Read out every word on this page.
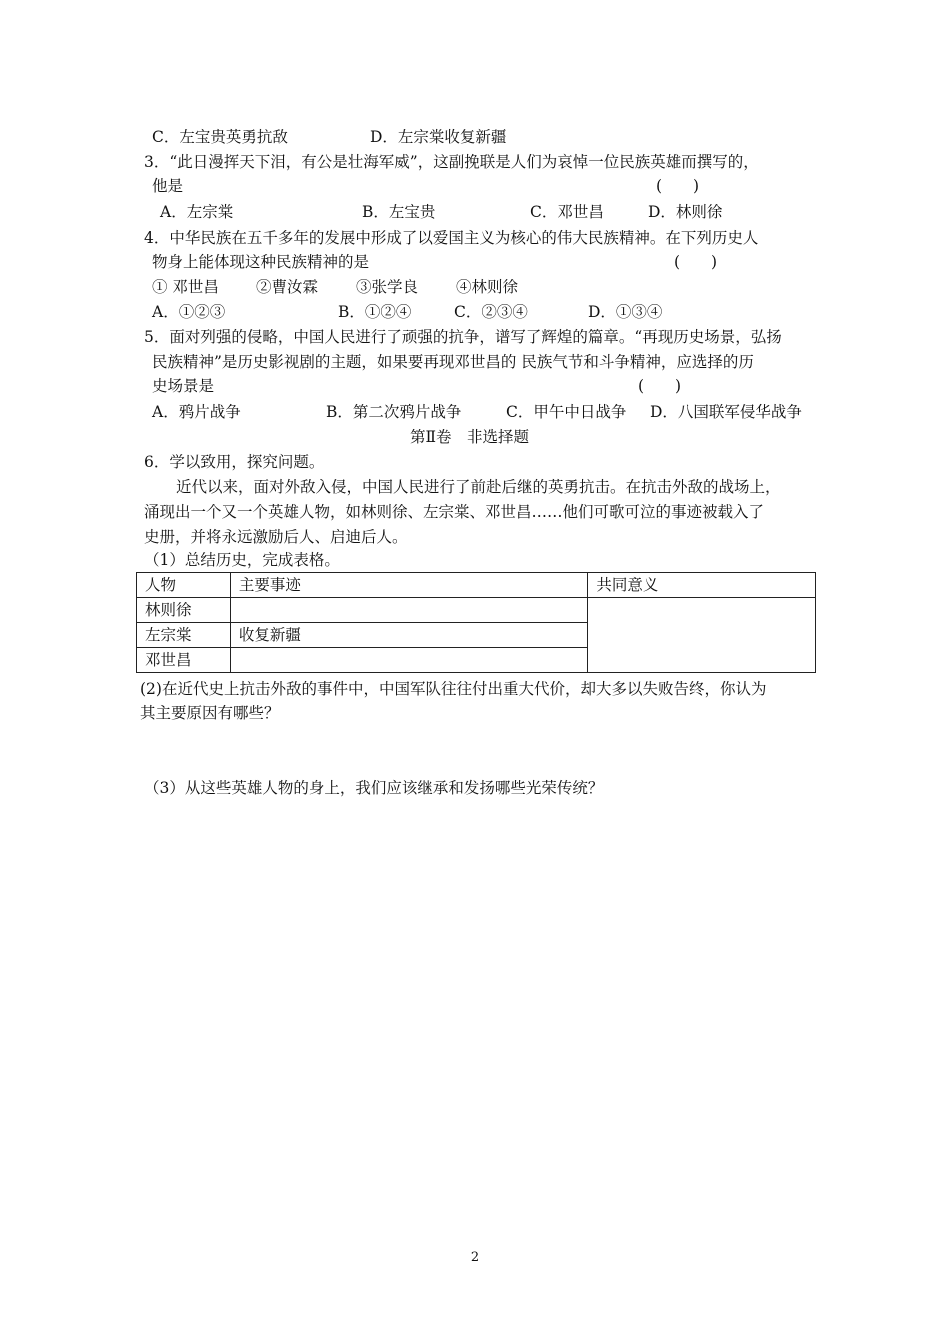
C．左宝贵英勇抗敌	D．左宗棠收复新疆
3．“此日漫挥天下泪，有公是壮海军威”，这副挽联是人们为哀悼一位民族英雄而撰写的，
他是	(　　)
A．左宗棠	B．左宝贵	C．邓世昌	D．林则徐
4．中华民族在五千多年的发展中形成了以爱国主义为核心的伟大民族精神。在下列历史人
物身上能体现这种民族精神的是	(　　)
① 邓世昌 ②曹汝霖 ③张学良 ④林则徐
A．①②③	B．①②④	C．②③④	D．①③④
5．面对列强的侵略，中国人民进行了顽强的抗争，谱写了辉煌的篇章。“再现历史场景，弘扬
民族精神”是历史影视剧的主题，如果要再现邓世昌的 民族气节和斗争精神，应选择的历
史场景是	(　　)
A．鸦片战争	B．第二次鸦片战争	C．甲午中日战争 D．八国联军侵华战争
第Ⅱ卷　非选择题
6．学以致用，探究问题。
近代以来，面对外敌入侵，中国人民进行了前赴后继的英勇抗击。在抗击外敌的战场上，
涌现出一个又一个英雄人物，如林则徐、左宗棠、邓世昌……他们可歌可泣的事迹被载入了
史册，并将永远激励后人、启迪后人。
（1）总结历史，完成表格。
人物	主要事迹	共同意义
林则徐		
左宗棠	收复新疆	
邓世昌		
(2)在近代史上抗击外敌的事件中，中国军队往往付出重大代价，却大多以失败告终，你认为
其主要原因有哪些？
（3）从这些英雄人物的身上，我们应该继承和发扬哪些光荣传统？
2
